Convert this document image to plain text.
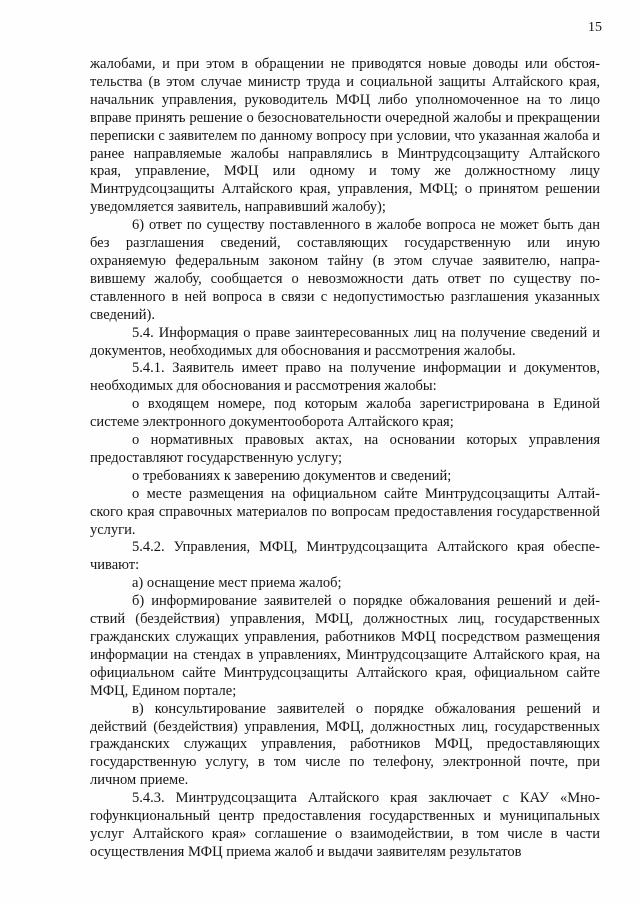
15

жалобами, и при этом в обращении не приводятся новые доводы или обстоятельства (в этом случае министр труда и социальной защиты Алтайского края, начальник управления, руководитель МФЦ либо уполномоченное на то лицо вправе принять решение о безосновательности очередной жалобы и прекращении переписки с заявителем по данному вопросу при условии, что указанная жалоба и ранее направляемые жалобы направлялись в Минтрудсоцзащиту Алтайского края, управление, МФЦ или одному и тому же должностному лицу Минтрудсоцзащиты Алтайского края, управления, МФЦ; о принятом решении уведомляется заявитель, направивший жалобу);

6) ответ по существу поставленного в жалобе вопроса не может быть дан без разглашения сведений, составляющих государственную или иную охраняемую федеральным законом тайну (в этом случае заявителю, направившему жалобу, сообщается о невозможности дать ответ по существу поставленного в ней вопроса в связи с недопустимостью разглашения указанных сведений).

5.4. Информация о праве заинтересованных лиц на получение сведений и документов, необходимых для обоснования и рассмотрения жалобы.

5.4.1. Заявитель имеет право на получение информации и документов, необходимых для обоснования и рассмотрения жалобы:

о входящем номере, под которым жалоба зарегистрирована в Единой системе электронного документооборота Алтайского края;

о нормативных правовых актах, на основании которых управления предоставляют государственную услугу;

о требованиях к заверению документов и сведений;

о месте размещения на официальном сайте Минтрудсоцзащиты Алтайского края справочных материалов по вопросам предоставления государственной услуги.

5.4.2. Управления, МФЦ, Минтрудсоцзащита Алтайского края обеспечивают:

а) оснащение мест приема жалоб;

б) информирование заявителей о порядке обжалования решений и действий (бездействия) управления, МФЦ, должностных лиц, государственных гражданских служащих управления, работников МФЦ посредством размещения информации на стендах в управлениях, Минтрудсоцзащите Алтайского края, на официальном сайте Минтрудсоцзащиты Алтайского края, официальном сайте МФЦ, Едином портале;

в) консультирование заявителей о порядке обжалования решений и действий (бездействия) управления, МФЦ, должностных лиц, государственных гражданских служащих управления, работников МФЦ, предоставляющих государственную услугу, в том числе по телефону, электронной почте, при личном приеме.

5.4.3. Минтрудсоцзащита Алтайского края заключает с КАУ «Многофункциональный центр предоставления государственных и муниципальных услуг Алтайского края» соглашение о взаимодействии, в том числе в части осуществления МФЦ приема жалоб и выдачи заявителям результатов
